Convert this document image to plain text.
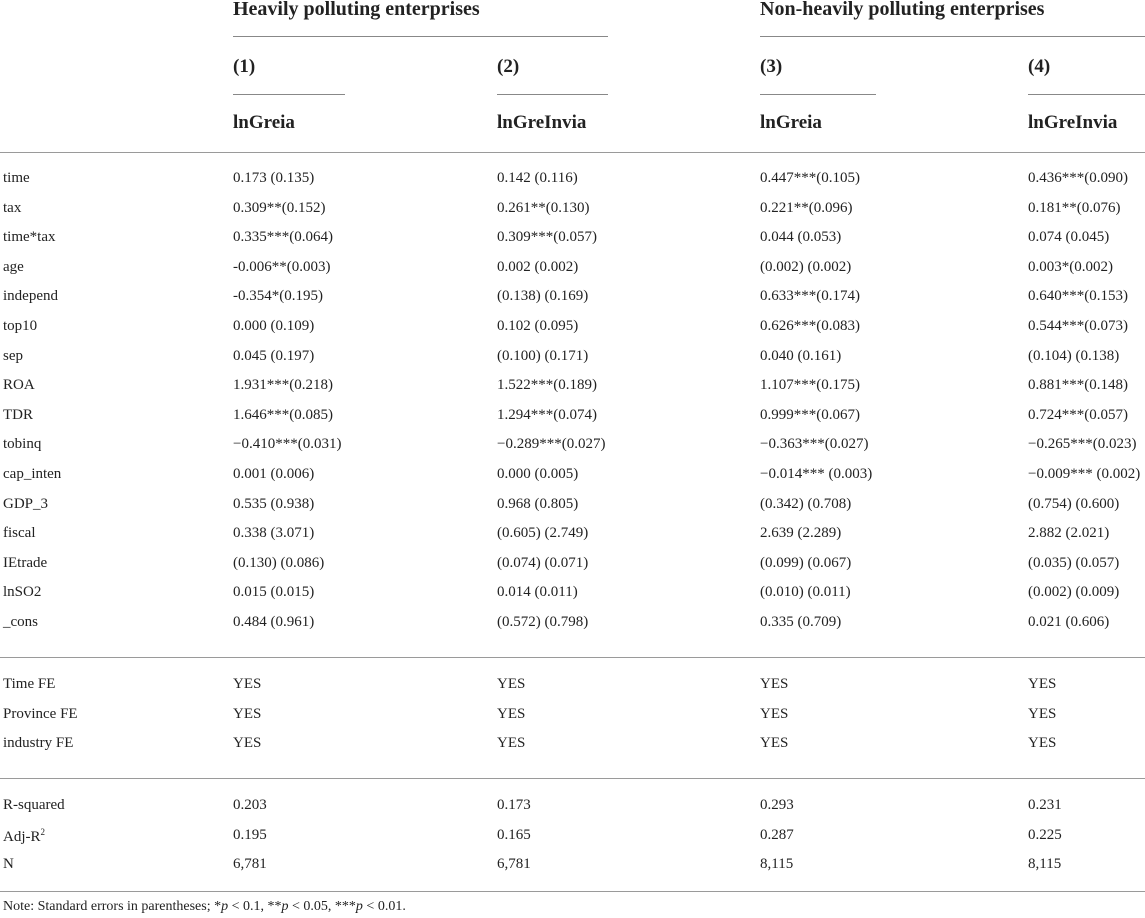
Heavily polluting enterprises	Non-heavily polluting enterprises
(1)	(2)	(3)	(4)
lnGreia	lnGreInvia	lnGreia	lnGreInvia
time	0.173 (0.135)	0.142 (0.116)	0.447***(0.105)	0.436***(0.090)
tax	0.309**(0.152)	0.261**(0.130)	0.221**(0.096)	0.181**(0.076)
time*tax	0.335***(0.064)	0.309***(0.057)	0.044 (0.053)	0.074 (0.045)
age	-0.006**(0.003)	0.002 (0.002)	(0.002) (0.002)	0.003*(0.002)
independ	-0.354*(0.195)	(0.138) (0.169)	0.633***(0.174)	0.640***(0.153)
top10	0.000 (0.109)	0.102 (0.095)	0.626***(0.083)	0.544***(0.073)
sep	0.045 (0.197)	(0.100) (0.171)	0.040 (0.161)	(0.104) (0.138)
ROA	1.931***(0.218)	1.522***(0.189)	1.107***(0.175)	0.881***(0.148)
TDR	1.646***(0.085)	1.294***(0.074)	0.999***(0.067)	0.724***(0.057)
tobinq	−0.410***(0.031)	−0.289***(0.027)	−0.363***(0.027)	−0.265***(0.023)
cap_inten	0.001 (0.006)	0.000 (0.005)	−0.014*** (0.003)	−0.009*** (0.002)
GDP_3	0.535 (0.938)	0.968 (0.805)	(0.342) (0.708)	(0.754) (0.600)
fiscal	0.338 (3.071)	(0.605) (2.749)	2.639 (2.289)	2.882 (2.021)
IEtrade	(0.130) (0.086)	(0.074) (0.071)	(0.099) (0.067)	(0.035) (0.057)
lnSO2	0.015 (0.015)	0.014 (0.011)	(0.010) (0.011)	(0.002) (0.009)
_cons	0.484 (0.961)	(0.572) (0.798)	0.335 (0.709)	0.021 (0.606)
Time FE	YES	YES	YES	YES
Province FE	YES	YES	YES	YES
industry FE	YES	YES	YES	YES
R-squared	0.203	0.173	0.293	0.231
Adj-$R^2$	0.195	0.165	0.287	0.225
N	6,781	6,781	8,115	8,115
Note: Standard errors in parentheses; *p < 0.1, **p < 0.05, ***p < 0.01.
